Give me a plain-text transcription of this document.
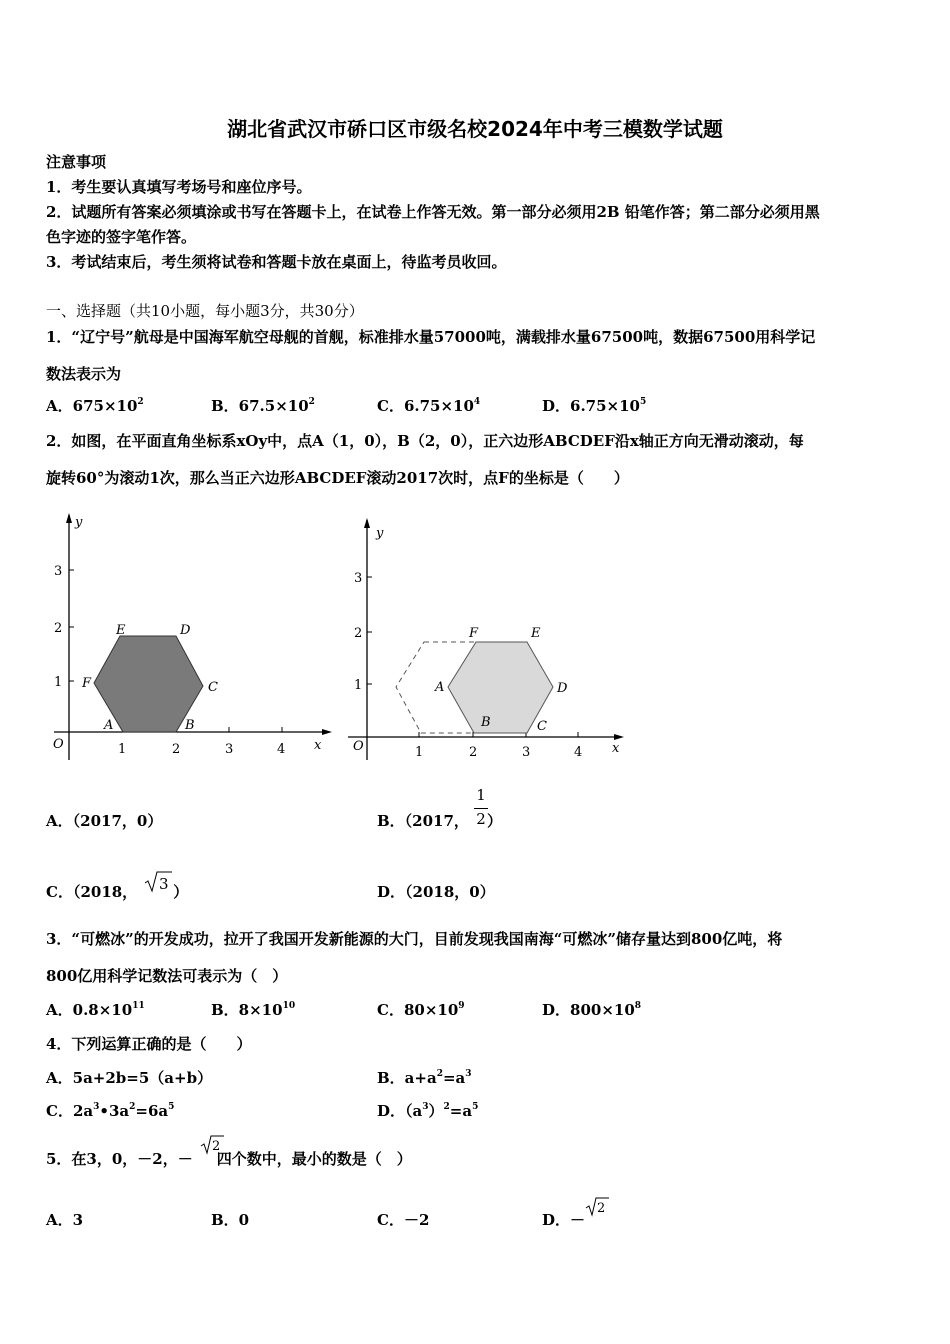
湖北省武汉市硚口区市级名校2024年中考三模数学试题
注意事项
1．考生要认真填写考场号和座位序号。
2．试题所有答案必须填涂或书写在答题卡上，在试卷上作答无效。第一部分必须用2B 铅笔作答；第二部分必须用黑
色字迹的签字笔作答。
3．考试结束后，考生须将试卷和答题卡放在桌面上，待监考员收回。
一、选择题（共10小题，每小题3分，共30分）
1．“辽宁号”航母是中国海军航空母舰的首舰，标准排水量57000吨，满载排水量67500吨，数据67500用科学记
数法表示为
A．$675\times 10^2$	B．$67.5\times 10^2$	C．$6.75\times 10^4$	D．$6.75\times 10^5$
2．如图，在平面直角坐标系xOy中，点A（1，0），B（2，0），正六边形ABCDEF沿x轴正方向无滑动滚动，每
旋转60°为滚动1次，那么当正六边形ABCDEF滚动2017次时，点F的坐标是（　　）
y
x
O	1	2	3	4
1
2
3
A	B
C
D
E
F
y
x
O	1	2	3	4
1
2
3
A
B	C
D
E
F
A．（2017，0）	B．（2017， ）
1
2
C．（2018， ）
3	D．（2018，0）
3．“可燃冰”的开发成功，拉开了我国开发新能源的大门，目前发现我国南海“可燃冰”储存量达到800亿吨，将
800亿用科学记数法可表示为（　）
A．$0.8\times 10^{11}$	B．$8\times 10^{10}$	C．$80\times 10^9$	D．$800\times 10^8$
4．下列运算正确的是（　　）
A．5a+2b=5（a+b）	B．$a+a^2=a^3$
C．$2a^3•3a^2=6a^5$	D．$(a^3)^2=a^5$
5．在3，0，－2，－ 四个数中，最小的数是（　）
2
A．3	B．0	C．－2	D．－
2
